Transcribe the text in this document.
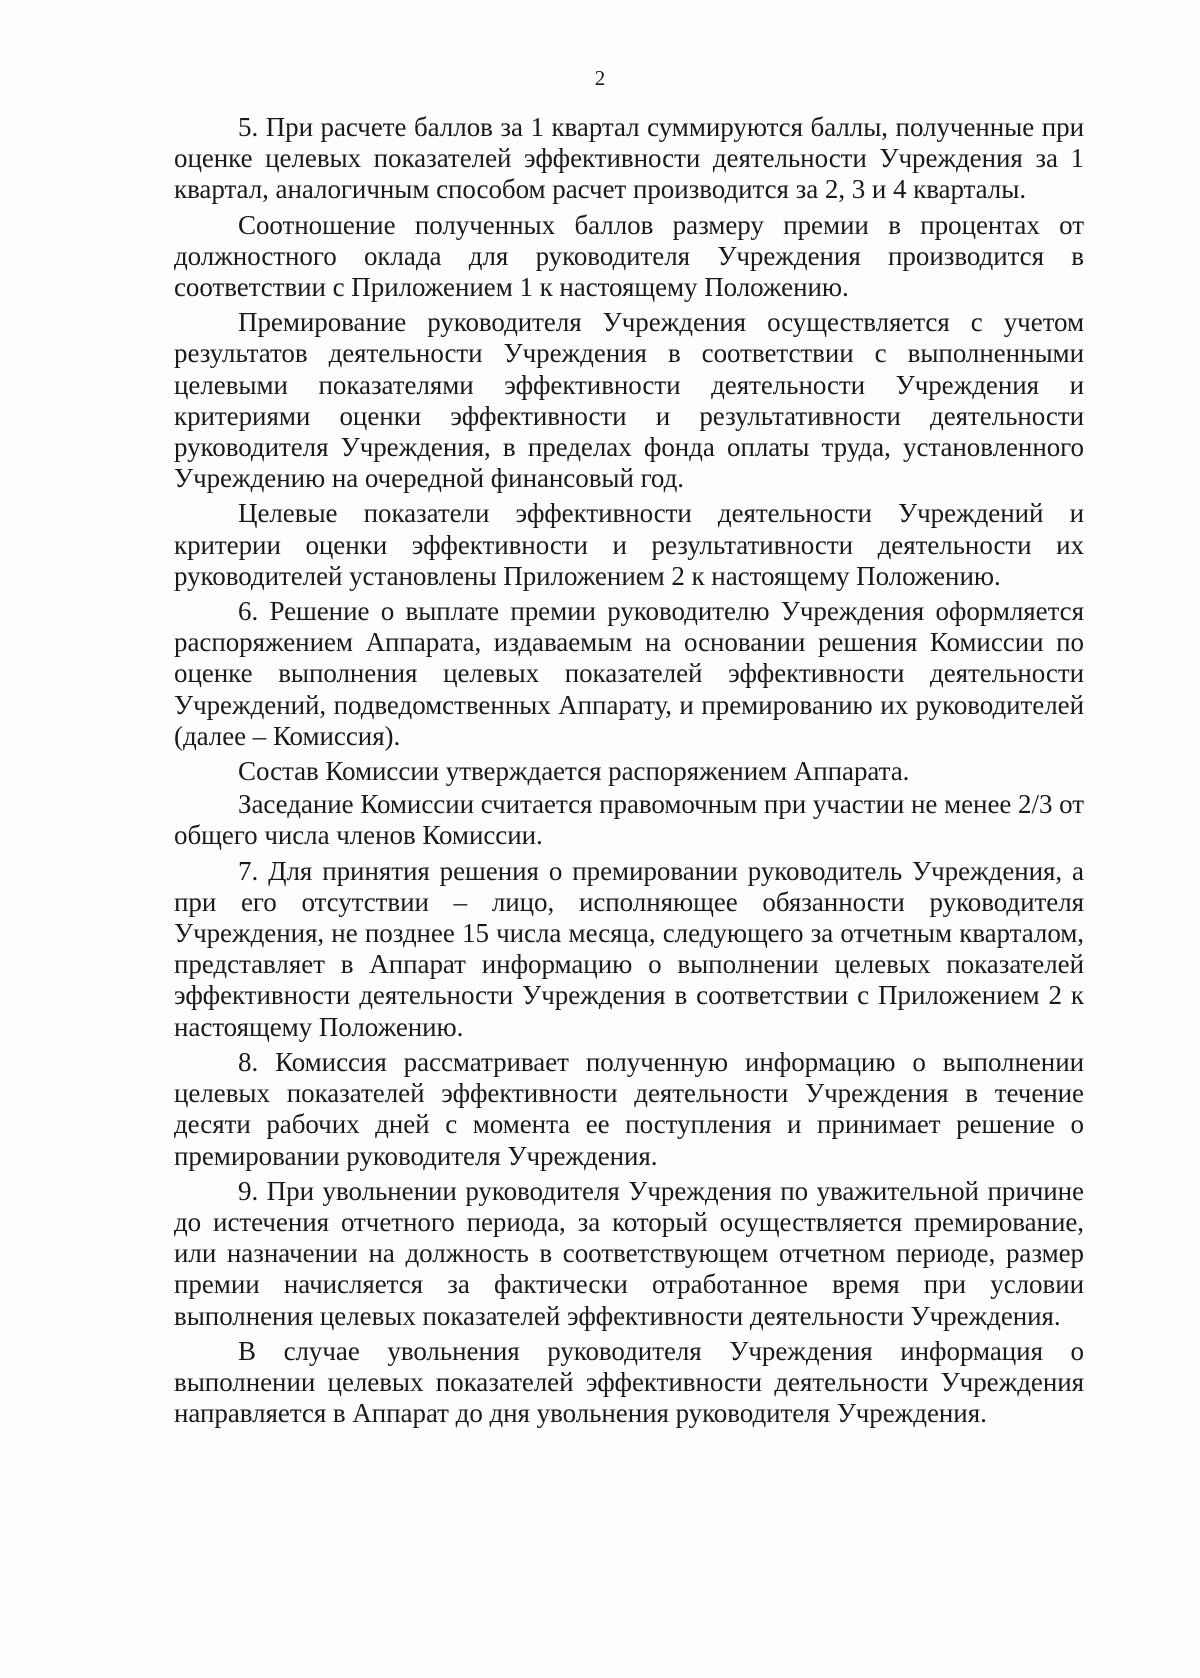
2

5. При расчете баллов за 1 квартал суммируются баллы, полученные при оценке целевых показателей эффективности деятельности Учреждения за 1 квартал, аналогичным способом расчет производится за 2, 3 и 4 кварталы.

Соотношение полученных баллов размеру премии в процентах от должностного оклада для руководителя Учреждения производится в соответствии с Приложением 1 к настоящему Положению.

Премирование руководителя Учреждения осуществляется с учетом результатов деятельности Учреждения в соответствии с выполненными целевыми показателями эффективности деятельности Учреждения и критериями оценки эффективности и результативности деятельности руководителя Учреждения, в пределах фонда оплаты труда, установленного Учреждению на очередной финансовый год.

Целевые показатели эффективности деятельности Учреждений и критерии оценки эффективности и результативности деятельности их руководителей установлены Приложением 2 к настоящему Положению.

6. Решение о выплате премии руководителю Учреждения оформляется распоряжением Аппарата, издаваемым на основании решения Комиссии по оценке выполнения целевых показателей эффективности деятельности Учреждений, подведомственных Аппарату, и премированию их руководителей (далее – Комиссия).

Состав Комиссии утверждается распоряжением Аппарата.

Заседание Комиссии считается правомочным при участии не менее 2/3 от общего числа членов Комиссии.

7. Для принятия решения о премировании руководитель Учреждения, а при его отсутствии – лицо, исполняющее обязанности руководителя Учреждения, не позднее 15 числа месяца, следующего за отчетным кварталом, представляет в Аппарат информацию о выполнении целевых показателей эффективности деятельности Учреждения в соответствии с Приложением 2 к настоящему Положению.

8. Комиссия рассматривает полученную информацию о выполнении целевых показателей эффективности деятельности Учреждения в течение десяти рабочих дней с момента ее поступления и принимает решение о премировании руководителя Учреждения.

9. При увольнении руководителя Учреждения по уважительной причине до истечения отчетного периода, за который осуществляется премирование, или назначении на должность в соответствующем отчетном периоде, размер премии начисляется за фактически отработанное время при условии выполнения целевых показателей эффективности деятельности Учреждения.

В случае увольнения руководителя Учреждения информация о выполнении целевых показателей эффективности деятельности Учреждения направляется в Аппарат до дня увольнения руководителя Учреждения.
